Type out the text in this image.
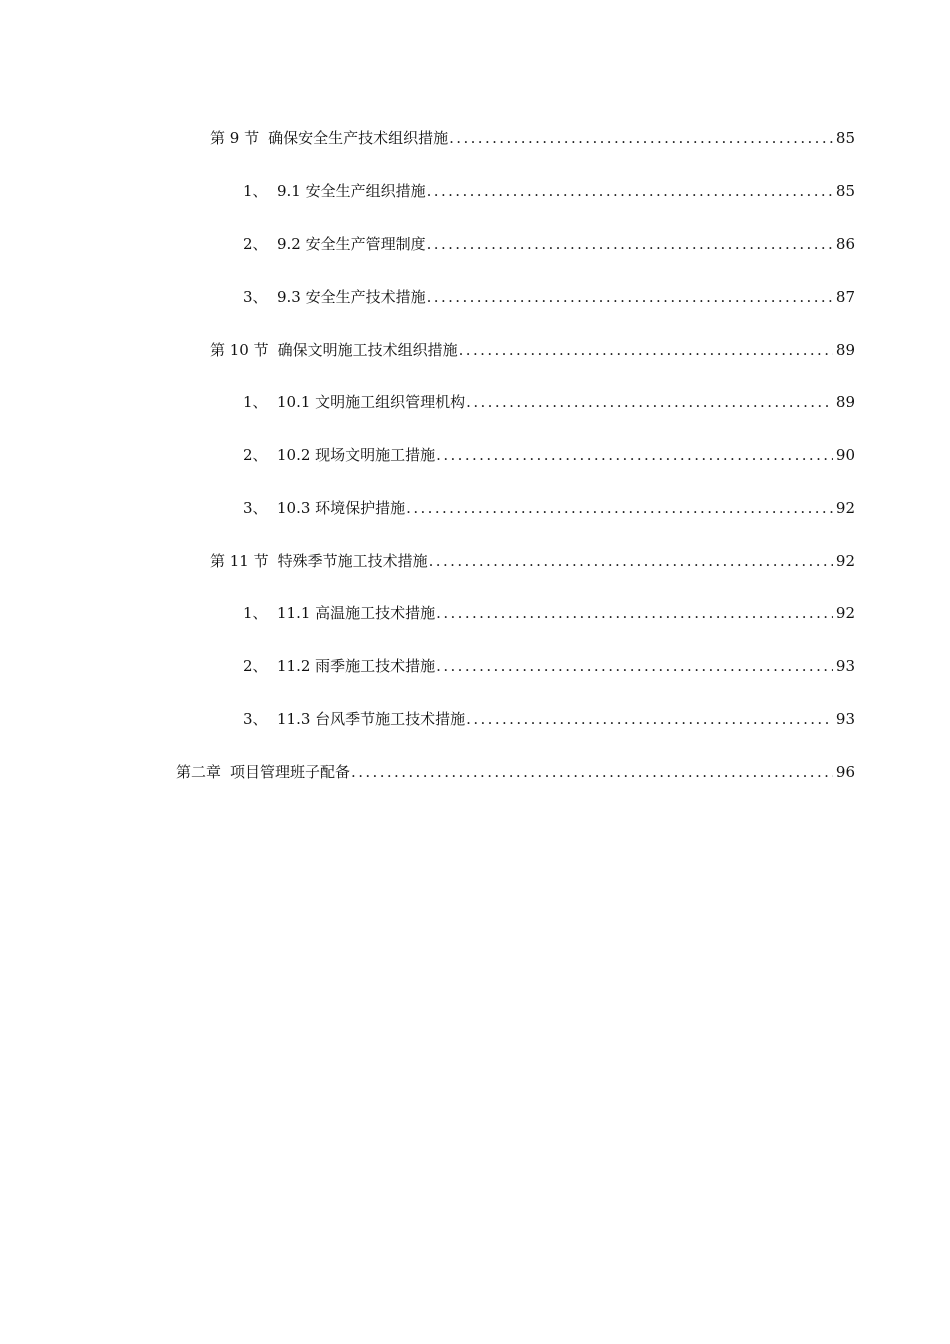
第 9 节 确保安全生产技术组织措施 .....	85
1、 9.1 安全生产组织措施 .....	85
2、 9.2 安全生产管理制度 .....	86
3、 9.3 安全生产技术措施 .....	87
第 10 节 确保文明施工技术组织措施 .....	89
1、 10.1 文明施工组织管理机构 .....	89
2、 10.2 现场文明施工措施 .....	90
3、 10.3 环境保护措施 .....	92
第 11 节 特殊季节施工技术措施 .....	92
1、 11.1 高温施工技术措施 .....	92
2、 11.2 雨季施工技术措施 .....	93
3、 11.3 台风季节施工技术措施 .....	93
第二章 项目管理班子配备 .....	96
